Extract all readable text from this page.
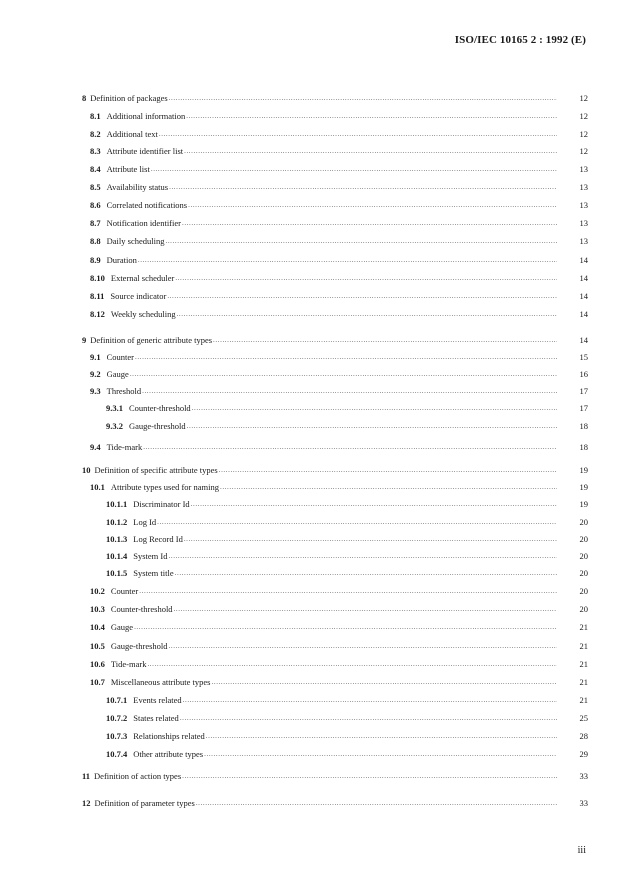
ISO/IEC 10165 2 : 1992 (E)
8 Definition of packages .....	12
8.1 Additional information .....	12
8.2 Additional text .....	12
8.3 Attribute identifier list .....	12
8.4 Attribute list .....	13
8.5 Availability status .....	13
8.6 Correlated notifications .....	13
8.7 Notification identifier .....	13
8.8 Daily scheduling .....	13
8.9 Duration .....	14
8.10 External scheduler .....	14
8.11 Source indicator .....	14
8.12 Weekly scheduling .....	14
9 Definition of generic attribute types .....	14
9.1 Counter .....	15
9.2 Gauge .....	16
9.3 Threshold .....	17
9.3.1 Counter-threshold .....	17
9.3.2 Gauge-threshold .....	18
9.4 Tide-mark .....	18
10 Definition of specific attribute types .....	19
10.1 Attribute types used for naming .....	19
10.1.1 Discriminator Id .....	19
10.1.2 Log Id .....	20
10.1.3 Log Record Id .....	20
10.1.4 System Id .....	20
10.1.5 System title .....	20
10.2 Counter .....	20
10.3 Counter-threshold .....	20
10.4 Gauge .....	21
10.5 Gauge-threshold .....	21
10.6 Tide-mark .....	21
10.7 Miscellaneous attribute types .....	21
10.7.1 Events related .....	21
10.7.2 States related .....	25
10.7.3 Relationships related .....	28
10.7.4 Other attribute types .....	29
11 Definition of action types .....	33
12 Definition of parameter types .....	33
iii
